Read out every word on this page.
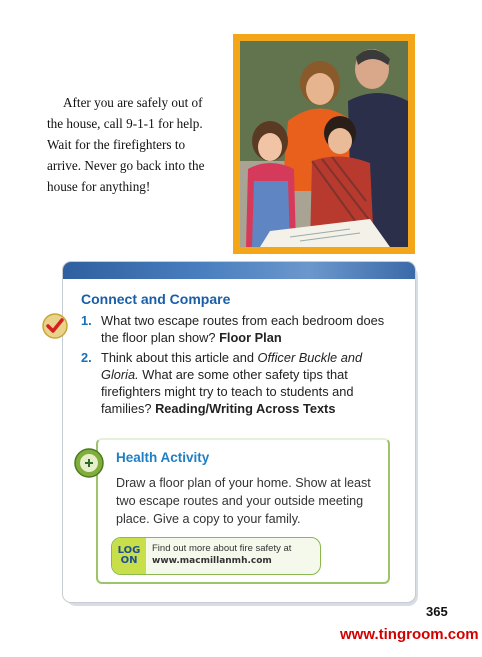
After you are safely out of the house, call 9-1-1 for help. Wait for the firefighters to arrive. Never go back into the house for anything!

Connect and Compare
1. What two escape routes from each bedroom does the floor plan show? Floor Plan
2. Think about this article and Officer Buckle and Gloria. What are some other safety tips that firefighters might try to teach to students and families? Reading/Writing Across Texts
Health Activity

Draw a floor plan of your home. Show at least two escape routes and your outside meeting place. Give a copy to your family.

LOG
ON
Find out more about fire safety at
www.macmillanmh.com
365
www.tingroom.com
